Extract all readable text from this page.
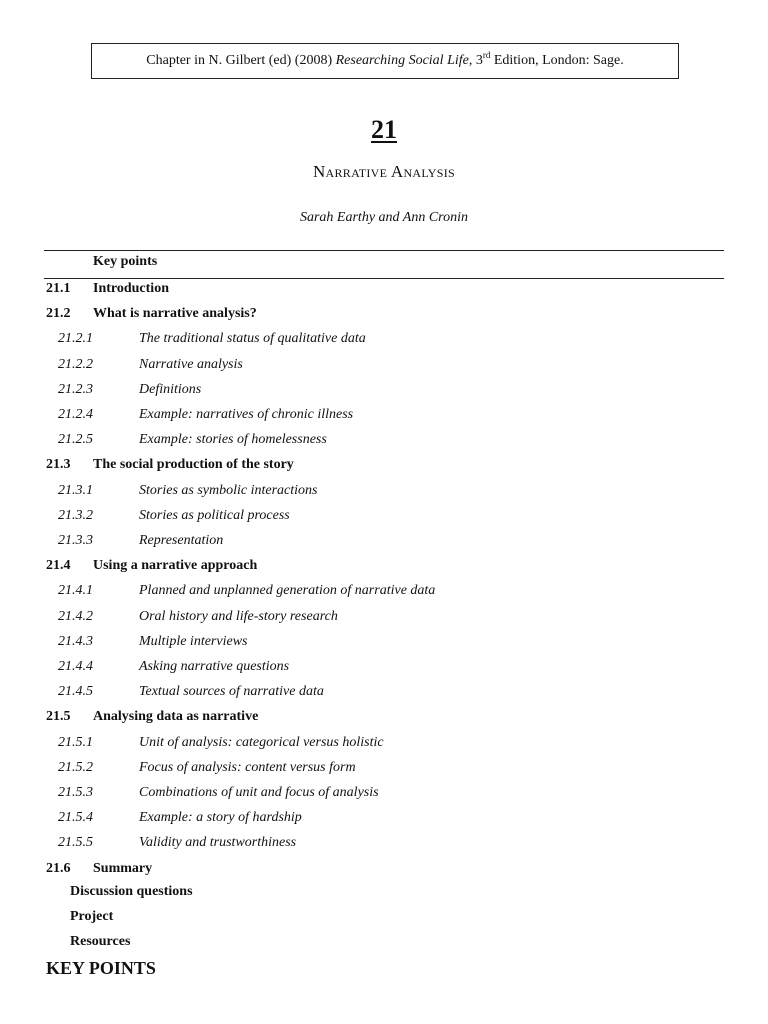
Chapter in N. Gilbert (ed) (2008) Researching Social Life, 3rd Edition, London: Sage.
21
Narrative Analysis
Sarah Earthy and Ann Cronin
Key points
21.1 Introduction
21.2 What is narrative analysis?
21.2.1	The traditional status of qualitative data
21.2.2	Narrative analysis
21.2.3	Definitions
21.2.4	Example: narratives of chronic illness
21.2.5	Example: stories of homelessness
21.3 The social production of the story
21.3.1	Stories as symbolic interactions
21.3.2	Stories as political process
21.3.3	Representation
21.4 Using a narrative approach
21.4.1	Planned and unplanned generation of narrative data
21.4.2	Oral history and life-story research
21.4.3	Multiple interviews
21.4.4	Asking narrative questions
21.4.5	Textual sources of narrative data
21.5 Analysing data as narrative
21.5.1	Unit of analysis: categorical versus holistic
21.5.2	Focus of analysis: content versus form
21.5.3	Combinations of unit and focus of analysis
21.5.4	Example: a story of hardship
21.5.5	Validity and trustworthiness
21.6 Summary
Discussion questions
Project
Resources
KEY POINTS
